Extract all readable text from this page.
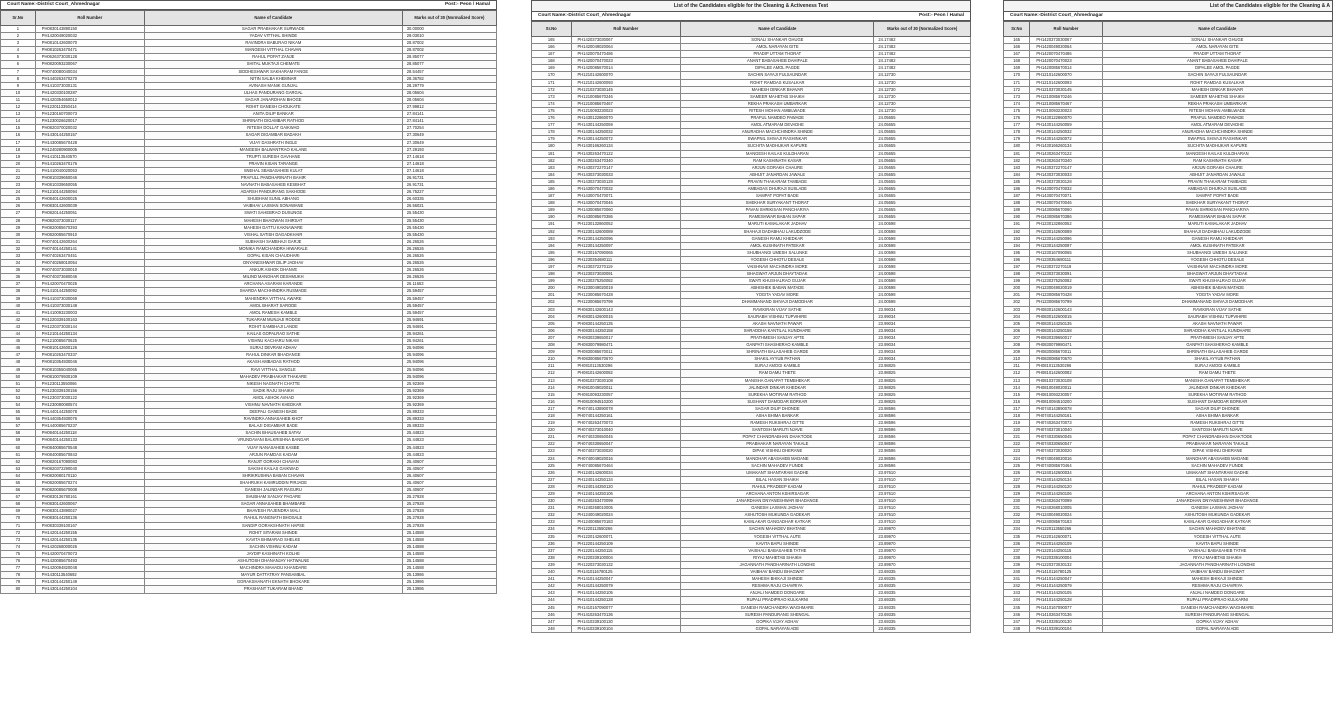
Court Name:-District Court_Ahmednagar	Post:- Peon / Hamal
Sr.No	Roll Number	Name of Candidate	Marks out of 30 (Normalized Score)
1	PH0830143890150	SAGAR PRABHAKAR SURWADE	30.00000
2	PH1420049020032	YADAV VITTHAL SHINDE	29.03010
3	PH0810142600070	RAVINDRA BABURAO NIKAM	28.87002
4	PH0810263470471	MANGESH VITTHAL CHAVAN	28.87002
5	PH0626373030128	RAHUL POPAT ZANJE	28.85077
6	PH0820093230067	SHITAL MUKTAJI CHEMATE	28.85077
7	PH0740080040034	SIDDHESHWAR SAKHARAM FANGE	28.54457
8	PH1440263470270	NITIN SALBA KHEMNAR	28.36782
9	PH1410373030131	AVINASH MANIK GUNJAL	28.29779
10	PH1420330100287	ULHAS PANDURANG GARGAL	28.05604
11	PH1420354650012	SAGAR JANARDHAN BHOGE	28.05604
12	PH1220113350414	ROHIT GANESH CHOUKATE	27.99812
13	PH1230160700073	ANITA DILIP BANKAR	27.84141
14	PH1230026620017	SHRINATH DIGAMBAR RATHOD	27.84141
15	PH0820370020032	RITESH DOLLAT GAIKWAD	27.70254
16	PH1430144250157	SAGAR DIGAMBAR BADAKH	27.30649
17	PH1430085670428	VIJAY DASHRATH INGLE	27.30649
18	PH1240280900005	MANGESH BALWANTRAO KALANE	27.29193
19	PH1410113540570	TRUPTI SURESH GAVHANE	27.14618
20	PH1410263470176	PRAVIN KISAN TARANGE	27.14618
21	PH1410040020053	SNEHAL SBABASAHEB KULAT	27.14618
22	PH0810339650046	PRAFULL PANDHARINATH BAHIR	26.91731
23	PH0810339650055	NAVNATH BABASAHEB KESBHAT	26.91731
24	PH1210144250094	ADARSH PANDURANG SAKHODE	26.75227
25	PH0840142600025	SHUBHAM SUNIL ABHANG	26.60335
26	PH0830142600039	VAIBHAV LAXMAN SONAWANE	26.56021
27	PH0820144250051	SWATI SAHEBRAO DUSUNGE	25.55430
28	PH0820373030117	MAHESH BHAGWAN SHIRSAT	25.55430
29	PH0820085670393	MAHESH DATTU KAKNAWARE	25.55430
30	PH0820085670910	VISHAL SATISH DAGADKHAIR	25.55430
31	PH0740142600264	SUBHASH SAMBHAJI GARJE	26.26526
32	PH0740144250141	MONIKA RAMCHANDRA HIWARALE	26.26526
33	PH0740263470451	GOPAL KISAN CHAUDHARI	26.26526
34	PH0740268010054	DNYANESHWAR DILIP JADHAV	26.26526
35	PH0740373030010	ANKUR ASHOK DHANVE	26.26526
36	PH0740373680046	MILIND MANOHAR DESHMUKH	26.26526
37	PH1420070470025	ARCHANA ASARAM KARANDE	26.11653
38	PH1410144250092	SHARDA MACHHINDRA RUSMADE	25.59457
39	PH1410373030069	MAHENDRA VITTHAL AWARE	25.59457
40	PH1410373030148	AMOL BHARAT SARODE	25.59457
41	PH1410093230003	AMOL RAMESH KAMBLE	25.59457
42	PH1220339100163	TUKARAM MUNJAJI RODGE	25.94691
43	PH1220373030144	ROHIT SAMBHAJI LANDE	25.94691
44	PH1210144250134	KAILAS GOPALRAO SATHE	25.94261
45	PH1210085670625	VISHNU KACHARU NIKAM	25.94261
46	PH0810142600126	SURAJ DEVRAM ADHAV	25.94096
47	PH0810263470337	RAHUL DINKAR BHADANGE	25.94096
48	PH0810354930046	AKASH AMBADAS RATHOD	25.94096
49	PH0810355040065	RAVI VITTHAL SANGLE	25.94096
50	PH0810079930109	MAHADEV PRABHAKAR THAKARE	25.94096
51	PH1230113550066	NIKESH NAGNATH CHATTE	25.92369
52	PH1230339100156	SADIK RAJU SHAIKH	25.92369
53	PH1230373030122	AMOL ASHOK AVHAD	25.92369
54	PH1230080080574	VISHNU NAVNATH KHEDKAR	25.92369
55	PH1440144250078	DEEPALI GANESH BADE	25.89333
56	PH1440354930076	RAVINDRA ANNASAHEB KHOT	25.89333
57	PH1440085670237	BALAJI DIGAMBAR BADE	25.89333
58	PH0840144250118	SACHIN BHAUSAHEB SATAV	25.44823
59	PH0840144250133	VRUNDAVANI BALKRISHNA BANGAR	25.44823
60	PH0840085670548	VIJAY NANASAHEB KASBE	25.44823
61	PH0840085670843	ARJUN RAMDAS KADAM	25.44823
62	PH0820167090083	RANJIT GORAKH CHAVAN	25.40607
63	PH0820372290040	SAKSHI KAILAS GAIKWAD	25.40607
64	PH0820080170110	SHRIKRUSHNA BABAN CHAVAN	25.40607
65	PH0820085670274	SHAHRUKH KAMRUDDIN PIRJADE	25.40607
66	PH0820085670008	GANESH JALINDAR RAGURU	25.40607
67	PH0830136780161	SHUBHAM SANJAY PAGARE	25.27928
68	PH0830142600067	SAGAR ANNASAHEB BHAMBARE	25.27928
69	PH0830143890027	BHAVESH RAJENDRA MALI	25.27928
70	PH0830144250136	RAHUL RANGNATH BHOSALE	25.27928
71	PH0830339100167	SANDIP GORAKSHNATH HAPSE	25.27928
72	PH1420144250155	ROHIT SITARAM SHINDE	25.14588
73	PH1420144250135	KAVITA BHIMARAO SHELKE	25.14588
74	PH1420268000026	SACHIN VISHNU KADAM	25.14588
75	PH1420070470073	JAYDIP KASHINATH KOLHE	25.14588
76	PH1420085670493	ASHUTOSH DHANANJAY HATWALNE	25.14588
77	PH1420094820048	MACHINDRA MAHADU KHANDARE	25.14588
78	PH1430113540692	MAYUR DATTATRAY PANSAMBAL	25.13986
79	PH1430144250149	GORAKSHANATH EKNATH BHOKARE	25.13986
80	PH1430144250104	PRASHANT TUKARAM BHAND	25.13986
List of the Candidates eligible for the Cleaning & Activeness Test
Court Name:-District Court_Ahmednagar	Post:- Peon / Hamal
Sr.No	Roll Number	Name of Candidate	Marks out of 30 (Normalized Score)
165	PH1420373030067	SONALI SHANKAR GHUGE	24.17482
166	PH1420049020064	AMOL NARAYAN GITE	24.17482
167	PH1420070470486	PRADIP UTTAM THORAT	24.17482
168	PH1420070470023	ANANT BABASAHEB DAHIFALE	24.17482
169	PH1420085670014	DIPALEE AMOL PAGDE	24.17482
170	PH1210142600070	SACHIN SAYAJI FULSAUNDAR	24.12730
171	PH1210142600093	ROHIT RAMDAS KUSALKAR	24.12730
172	PH1210373030145	MAHESH DINKAR BHAVAR	24.12730
173	PH1210085670246	SAMEER MAHETAB SHAIKH	24.12730
174	PH1210085670467	REKHA PRAKASH UMBARKAR	24.12730
175	PH1210093230023	RITESH MOHAN AMBILWADE	24.12730
176	PH1430122860070	PRAFUL NAMDEO PAWADE	24.05655
177	PH1430144250059	AMOL ATMARAM DEVADHE	24.05655
178	PH1430144250032	ANURADHA MACHCHINDRA SHINDE	24.05655
179	PH1430144250072	SWAPNIL SHIVAJI RASHINKAR	24.05655
180	PH1430166260134	SUCHITA MADHUKAR KAPURE	24.05655
181	PH1430263470122	MANGESH KAILAS KULDHARAN	24.05655
182	PH1430263470340	RAM KASHINATH KASAR	24.05655
183	PH1430372270147	ARJUN GORAKH CHAURE	24.05655
184	PH1430373030033	ABHIJIT JANARDAN JAWALE	24.05655
185	PH1430373030128	PRAVIN THAKARAM TAMBADE	24.05655
186	PH1430070470032	AMBADAS DHURAJI SUSLADE	24.05655
187	PH1430070470071	SAMPAT POPAT BADE	24.05655
188	PH1430070470046	SHEKHAR SURYAKANT THORAT	24.05655
189	PH1430085670060	PAVAN SHRIKISAN PANCHARIYA	24.05655
190	PH1430085670386	RAMESHWAR BABAN SAPAR	24.05655
191	PH1230132860052	MARUTI KAMALAKAR JADHAV	24.00598
192	PH1230142600089	SHAHAJI DADABHAU LAKUDZODE	24.00598
193	PH1230144250096	GANESH RAMU KHEDKAR	24.00598
194	PH1230144250097	AMOL KUSHNATH PATEKAR	24.00598
195	PH1230167090065	SHUBHANGI UMESH SALUNKE	24.00598
196	PH1230354680111	YOGESH CHHOTU DESALE	24.00598
197	PH1230372270119	VAISHNAVI MACHINDRA MORE	24.00598
198	PH1230373030091	BHAGWAT ARJUN DHAYTADAK	24.00598
199	PH1230375250082	SWATI KHUSHALRAO GUJAR	24.00598
200	PH1230049020019	ABHISHEK BABAN MATADE	24.00598
201	PH1230085670428	YOGITA YADAV MORE	24.00598
202	PH1230085670799	DHAMMANAND SHIVAJI DAMODHAR	24.00598
203	PH0830142600143	RAVIKIRAN VIJAY SATHE	23.99034
204	PH0830142600015	SAURABH VISHNU TUPVIHIRE	23.99034
205	PH0830144250135	AKASH NAVNATH PAWAR	23.99034
206	PH0830144250158	SHRADDHA KANTILAL KUNDHARE	23.99034
207	PH0830339650017	PRATHMESH SANJAY APTE	23.99034
208	PH0830079980471	GANPATI SHASHERAO KAMBLE	23.99034
209	PH0830085670011	SHRINATH BALASAHEB GARDE	23.99034
210	PH0830085670670	SHAKIL AYYUB PATHAN	23.99034
211	PH0810113530296	SURAJ AMOGI KAMBLE	23.98825
212	PH0810142600082	RAM DAMU THETE	23.98825
213	PH0810373030108	MANISHA GANAPAT TEMBHEKAR	23.98825
214	PH0810049020011	JALINDAR DINKAR KHEDKAR	23.98825
215	PH0810093230057	SUREKHA MOTIRAM RATHOD	23.98825
216	PH0810094510200	SUSHANT DAMODAR BORKAR	23.98825
217	PH0740143890078	SAGAR DILIP DHONDE	23.98596
218	PH0740144250161	ASHA BHIMA BANKAR	23.98596
219	PH0740263470073	RAMESH RUKSHRAJ GITTE	23.98596
220	PH0740373010040	SANTOSH MARUTI NJAVE	23.98596
221	PH0740330650045	POPAT CHANDRABHAN DHAKTODE	23.98596
222	PH0740330650047	PRABHAKAR NARAYAN TAKALE	23.98596
223	PH0740373030020	DIPAK VISHNU DHERANE	23.98596
224	PH0740049020016	MANOHAR ABASAHEB MADANE	23.98596
225	PH0740085670464	SACHIN MAHADEV FUNDE	23.98596
226	PH1240142600034	UMAKANT SHANTARAM GADHE	23.97610
227	PH1240144250134	BILAL HASAN SHAIKH	23.97610
228	PH1240144250120	RAHUL PRADEEP KADAM	23.97610
229	PH1240144250106	ARCHANA ANTON KSHIRSAGAR	23.97610
230	PH1240263470099	JANARDHAN DNYANESHWAR BHADANGE	23.97610
231	PH1240268010005	GANESH LAXMAN JADHAV	23.97610
232	PH1240049020024	ASHUTOSH MUKUNDA GADEKAR	23.97610
233	PH1240085670183	KAMLAKAR GANGADHAR KATKAR	23.97610
234	PH1220113550266	SACHIN MAHADEV BHATANE	23.89970
235	PH1220142600071	YOGESH VITTHAL AUTE	23.89970
236	PH1220144250109	KAVITA BAPU SHINDE	23.89970
237	PH1220144250115	VAISHALI BABASAHEB TATHE	23.89970
238	PH1220339100004	RIYAJ MAHETAB SHAIKH	23.89970
239	PH1220373030132	JAGANNATH PANDHARINATH LONDHE	23.89970
240	PH1410116780125	VAIBHAV BANDU BHAGWAT	23.69335
241	PH1410144250047	MAHESH BHIKAJI SHINDE	23.69335
242	PH1410144250079	RESHMA RAJU CHAVRIYA	23.69335
243	PH1410144250105	ANJALI NAMDEO DONGARE	23.69335
244	PH1410144250128	RUPALI PRADIPRAO KULKARNI	23.69335
245	PH1410167090077	GANESH RAMCHANDRA WAGHMARE	23.69335
246	PH1410263470136	SURESH PANDURANG SHENGAL	23.69335
247	PH1410339100130	GOPIKA VIJAY ADHAV	23.69335
248	PH1410339100104	GOPAL NARAYAN ADE	23.69335
List of the Candidates eligible for the Cleaning & A
Court Name:-District Court_Ahmednagar
Sr.No	Roll Number	Name of Candidate
165	PH1420373030067	SONALI SHANKAR GHUGE
166	PH1420049020064	AMOL NARAYAN GITE
167	PH1420070470486	PRADIP UTTAM THORAT
168	PH1420070470023	ANANT BABASAHEB DAHIFALE
169	PH1420085670014	DIPALEE AMOL PAGDE
170	PH1210142600070	SACHIN SAYAJI FULSAUNDAR
171	PH1210142600093	ROHIT RAMDAS KUSALKAR
172	PH1210373030145	MAHESH DINKAR BHAVAR
173	PH1210085670246	SAMEER MAHETAB SHAIKH
174	PH1210085670467	REKHA PRAKASH UMBARKAR
175	PH1210093230023	RITESH MOHAN AMBILWADE
176	PH1430122860070	PRAFUL NAMDEO PAWADE
177	PH1430144250059	AMOL ATMARAM DEVADHE
178	PH1430144250032	ANURADHA MACHCHINDRA SHINDE
179	PH1430144250072	SWAPNIL SHIVAJI RASHINKAR
180	PH1430166260134	SUCHITA MADHUKAR KAPURE
181	PH1430263470122	MANGESH KAILAS KULDHARAN
182	PH1430263470340	RAM KASHINATH KASAR
183	PH1430372270147	ARJUN GORAKH CHAURE
184	PH1430373030033	ABHIJIT JANARDAN JAWALE
185	PH1430373030128	PRAVIN THAKARAM TAMBADE
186	PH1430070470032	AMBADAS DHURAJI SUSLADE
187	PH1430070470071	SAMPAT POPAT BADE
188	PH1430070470046	SHEKHAR SURYAKANT THORAT
189	PH1430085670060	PAVAN SHRIKISAN PANCHARIYA
190	PH1430085670386	RAMESHWAR BABAN SAPAR
191	PH1230132860052	MARUTI KAMALAKAR JADHAV
192	PH1230142600089	SHAHAJI DADABHAU LAKUDZODE
193	PH1230144250096	GANESH RAMU KHEDKAR
194	PH1230144250097	AMOL KUSHNATH PATEKAR
195	PH1230167090065	SHUBHANGI UMESH SALUNKE
196	PH1230354680111	YOGESH CHHOTU DESALE
197	PH1230372270119	VAISHNAVI MACHINDRA MORE
198	PH1230373030091	BHAGWAT ARJUN DHAYTADAK
199	PH1230375250082	SWATI KHUSHALRAO GUJAR
200	PH1230049020019	ABHISHEK BABAN MATADE
201	PH1230085670428	YOGITA YADAV MORE
202	PH1230085670799	DHAMMANAND SHIVAJI DAMODHAR
203	PH0830142600143	RAVIKIRAN VIJAY SATHE
204	PH0830142600015	SAURABH VISHNU TUPVIHIRE
205	PH0830144250135	AKASH NAVNATH PAWAR
206	PH0830144250158	SHRADDHA KANTILAL KUNDHARE
207	PH0830339650017	PRATHMESH SANJAY APTE
208	PH0830079980471	GANPATI SHASHERAO KAMBLE
209	PH0830085670011	SHRINATH BALASAHEB GARDE
210	PH0830085670670	SHAKIL AYYUB PATHAN
211	PH0810113530296	SURAJ AMOGI KAMBLE
212	PH0810142600082	RAM DAMU THETE
213	PH0810373030108	MANISHA GANAPAT TEMBHEKAR
214	PH0810049020011	JALINDAR DINKAR KHEDKAR
215	PH0810093230057	SUREKHA MOTIRAM RATHOD
216	PH0810094510200	SUSHANT DAMODAR BORKAR
217	PH0740143890078	SAGAR DILIP DHONDE
218	PH0740144250161	ASHA BHIMA BANKAR
219	PH0740263470073	RAMESH RUKSHRAJ GITTE
220	PH0740373010040	SANTOSH MARUTI NJAVE
221	PH0740330650045	POPAT CHANDRABHAN DHAKTODE
222	PH0740330650047	PRABHAKAR NARAYAN TAKALE
223	PH0740373030020	DIPAK VISHNU DHERANE
224	PH0740049020016	MANOHAR ABASAHEB MADANE
225	PH0740085670464	SACHIN MAHADEV FUNDE
226	PH1240142600034	UMAKANT SHANTARAM GADHE
227	PH1240144250134	BILAL HASAN SHAIKH
228	PH1240144250120	RAHUL PRADEEP KADAM
229	PH1240144250106	ARCHANA ANTON KSHIRSAGAR
230	PH1240263470099	JANARDHAN DNYANESHWAR BHADANGE
231	PH1240268010005	GANESH LAXMAN JADHAV
232	PH1240049020024	ASHUTOSH MUKUNDA GADEKAR
233	PH1240085670183	KAMLAKAR GANGADHAR KATKAR
234	PH1220113550266	SACHIN MAHADEV BHATANE
235	PH1220142600071	YOGESH VITTHAL AUTE
236	PH1220144250109	KAVITA BAPU SHINDE
237	PH1220144250115	VAISHALI BABASAHEB TATHE
238	PH1220339100004	RIYAJ MAHETAB SHAIKH
239	PH1220373030132	JAGANNATH PANDHARINATH LONDHE
240	PH1410116780125	VAIBHAV BANDU BHAGWAT
241	PH1410144250047	MAHESH BHIKAJI SHINDE
242	PH1410144250079	RESHMA RAJU CHAVRIYA
243	PH1410144250105	ANJALI NAMDEO DONGARE
244	PH1410144250128	RUPALI PRADIPRAO KULKARNI
245	PH1410167090077	GANESH RAMCHANDRA WAGHMARE
246	PH1410263470136	SURESH PANDURANG SHENGAL
247	PH1410339100130	GOPIKA VIJAY ADHAV
248	PH1410339100104	GOPAL NARAYAN ADE
